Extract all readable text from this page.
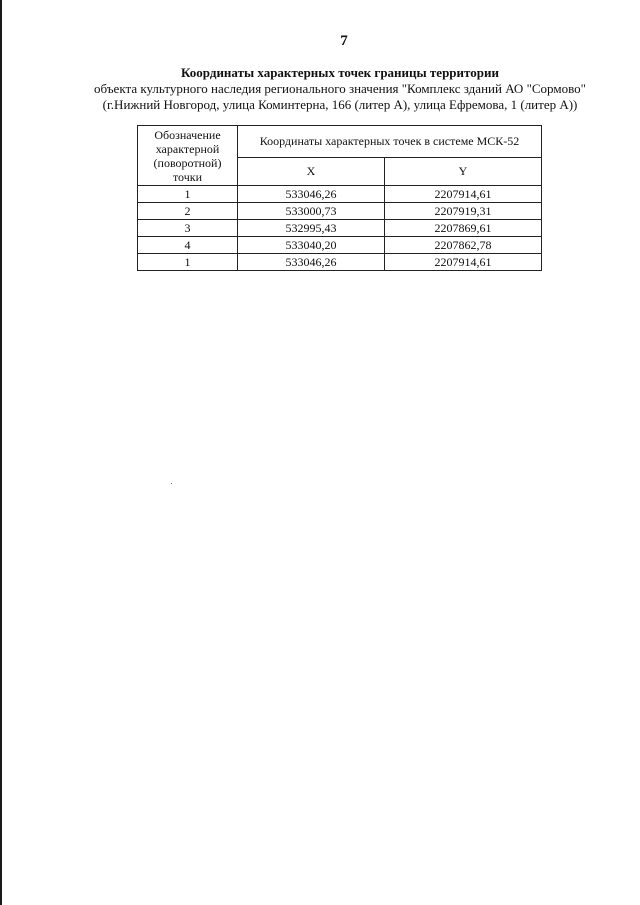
7
Координаты характерных точек границы территории
объекта культурного наследия регионального значения "Комплекс зданий АО "Сормово"
(г.Нижний Новгород, улица Коминтерна, 166 (литер А), улица Ефремова, 1 (литер А))
Обозначение характерной (поворотной) точки	Координаты характерных точек в системе МСК-52	
	X	Y
1	533046,26	2207914,61
2	533000,73	2207919,31
3	532995,43	2207869,61
4	533040,20	2207862,78
1	533046,26	2207914,61
